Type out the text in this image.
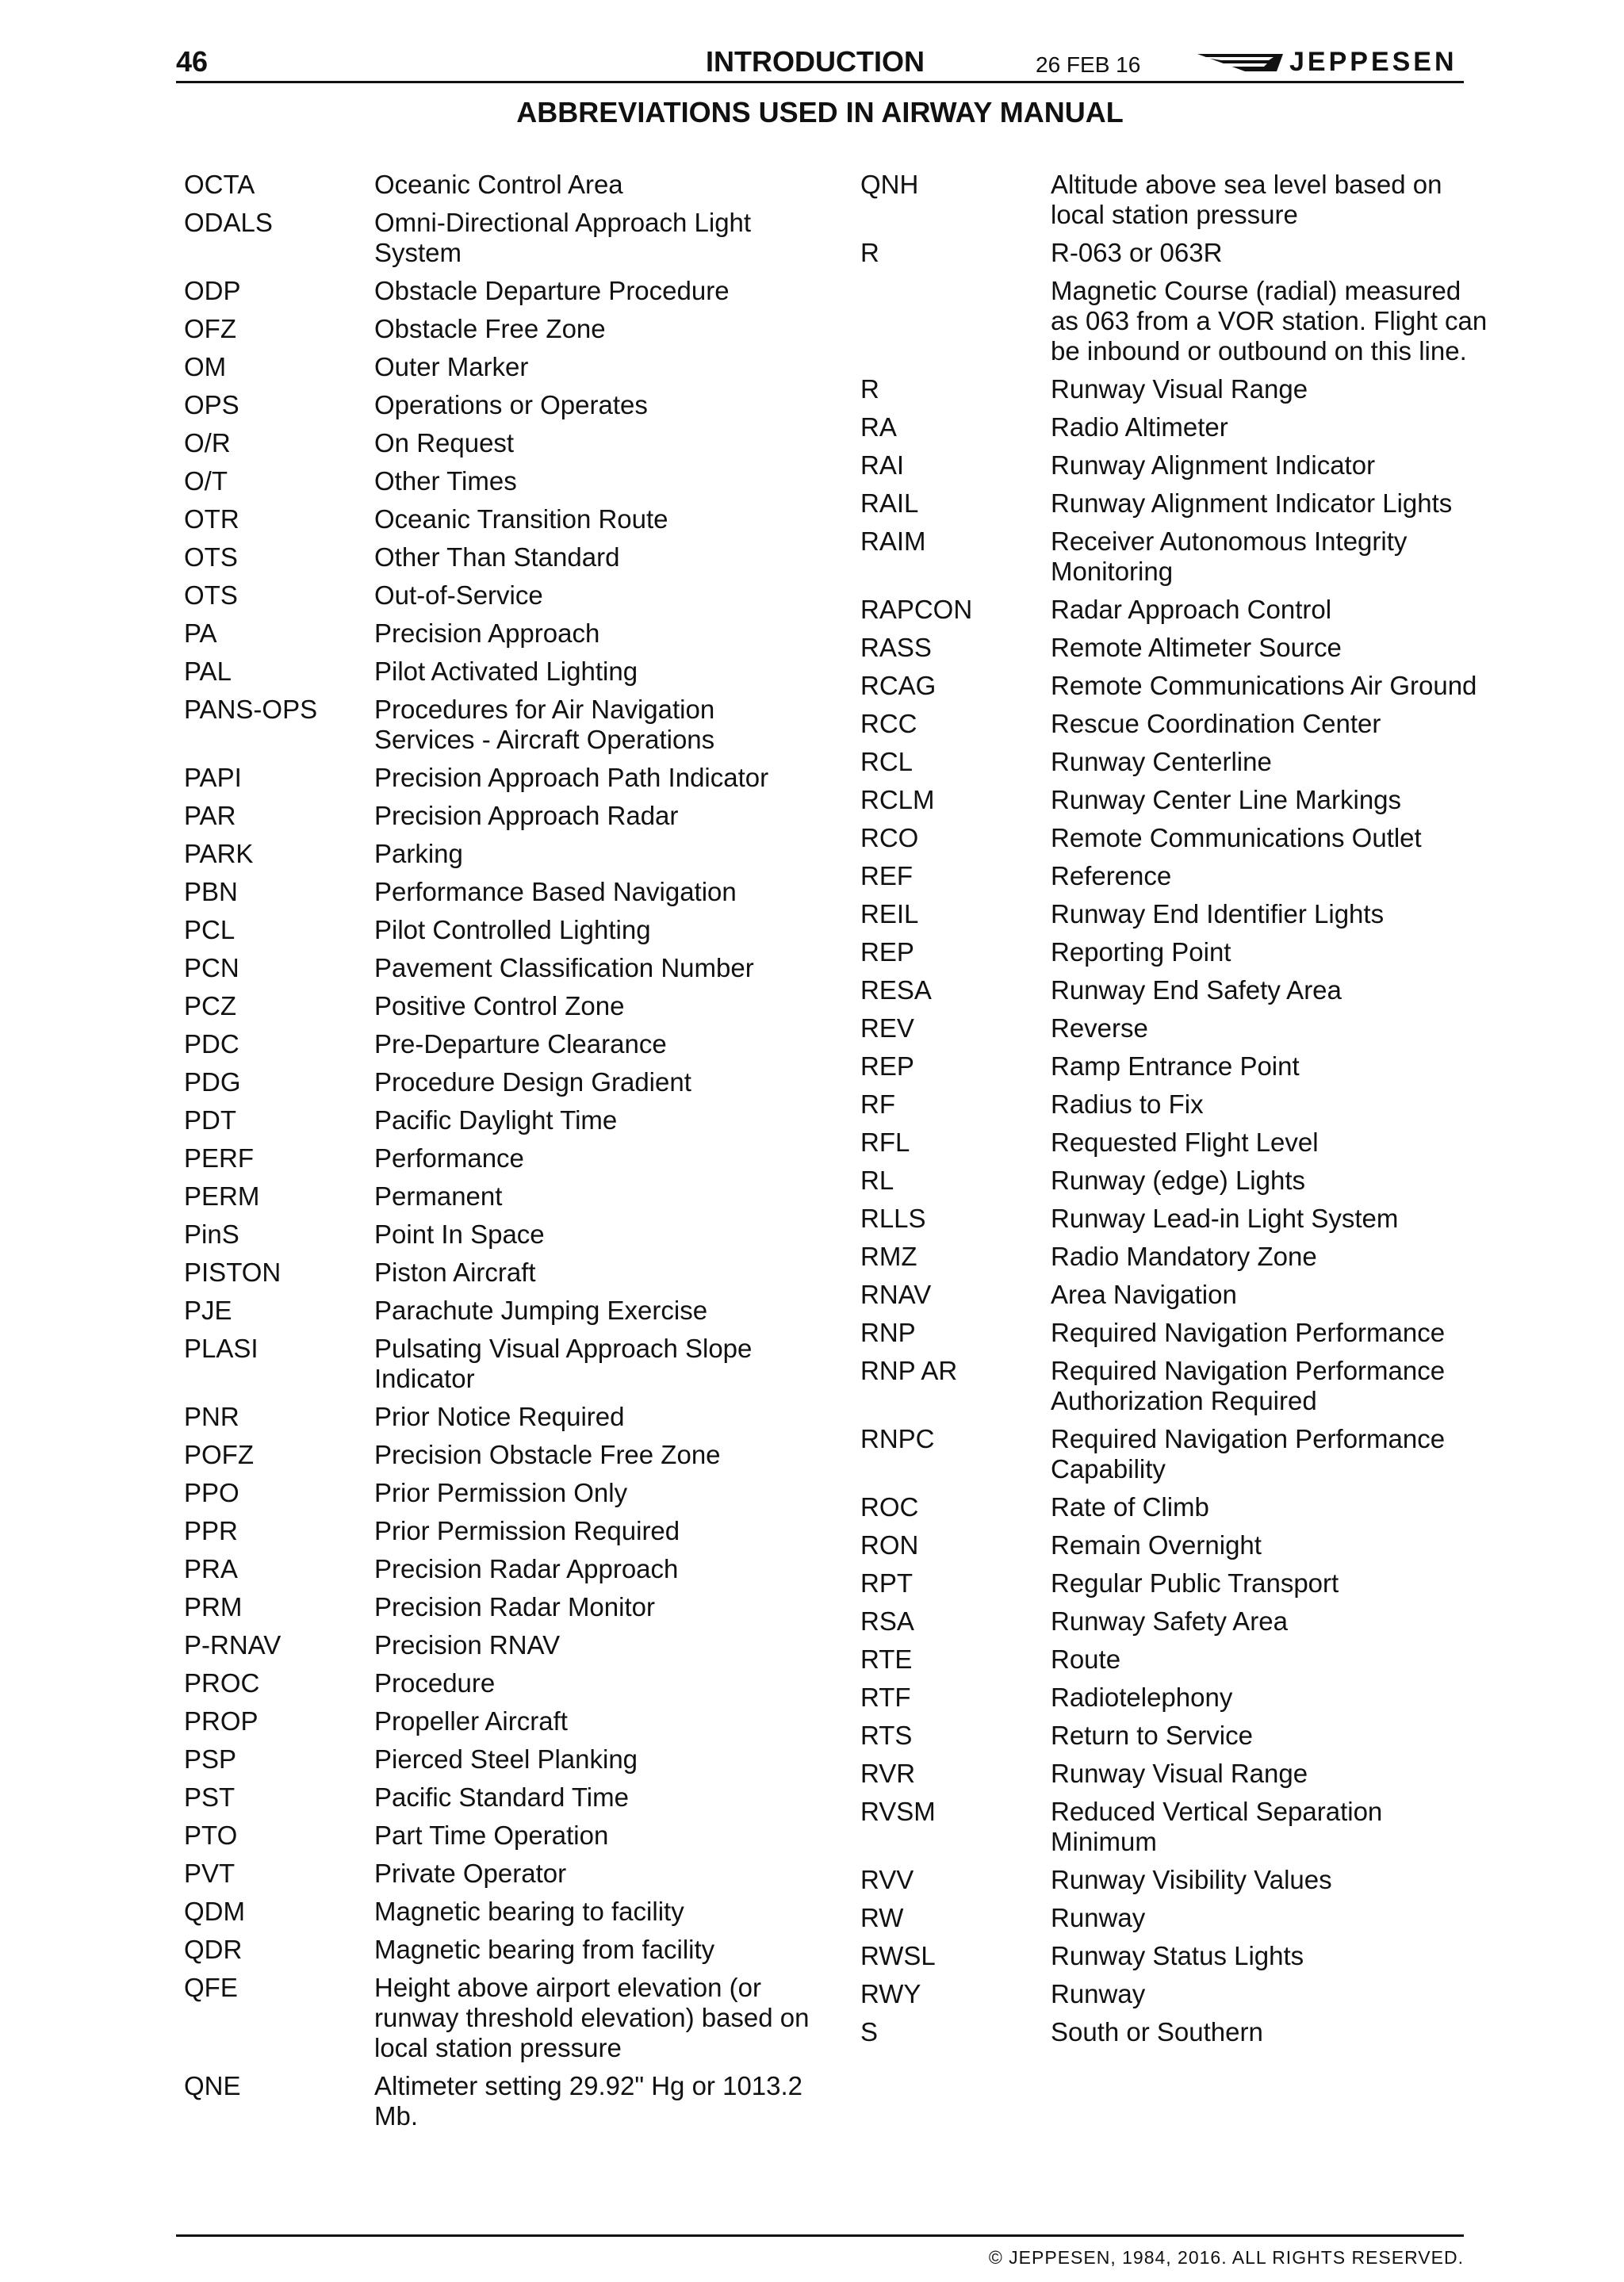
46	INTRODUCTION	26 FEB 16	JEPPESEN
ABBREVIATIONS USED IN AIRWAY MANUAL
OCTA	Oceanic Control Area
ODALS	Omni-Directional Approach Light System
ODP	Obstacle Departure Procedure
OFZ	Obstacle Free Zone
OM	Outer Marker
OPS	Operations or Operates
O/R	On Request
O/T	Other Times
OTR	Oceanic Transition Route
OTS	Other Than Standard
OTS	Out-of-Service
PA	Precision Approach
PAL	Pilot Activated Lighting
PANS-OPS	Procedures for Air Navigation Services - Aircraft Operations
PAPI	Precision Approach Path Indicator
PAR	Precision Approach Radar
PARK	Parking
PBN	Performance Based Navigation
PCL	Pilot Controlled Lighting
PCN	Pavement Classification Number
PCZ	Positive Control Zone
PDC	Pre-Departure Clearance
PDG	Procedure Design Gradient
PDT	Pacific Daylight Time
PERF	Performance
PERM	Permanent
PinS	Point In Space
PISTON	Piston Aircraft
PJE	Parachute Jumping Exercise
PLASI	Pulsating Visual Approach Slope Indicator
PNR	Prior Notice Required
POFZ	Precision Obstacle Free Zone
PPO	Prior Permission Only
PPR	Prior Permission Required
PRA	Precision Radar Approach
PRM	Precision Radar Monitor
P-RNAV	Precision RNAV
PROC	Procedure
PROP	Propeller Aircraft
PSP	Pierced Steel Planking
PST	Pacific Standard Time
PTO	Part Time Operation
PVT	Private Operator
QDM	Magnetic bearing to facility
QDR	Magnetic bearing from facility
QFE	Height above airport elevation (or runway threshold elevation) based on local station pressure
QNE	Altimeter setting 29.92" Hg or 1013.2 Mb.
QNH	Altitude above sea level based on local station pressure
R	R-063 or 063R
Magnetic Course (radial) measured as 063 from a VOR station. Flight can be inbound or outbound on this line.
R	Runway Visual Range
RA	Radio Altimeter
RAI	Runway Alignment Indicator
RAIL	Runway Alignment Indicator Lights
RAIM	Receiver Autonomous Integrity Monitoring
RAPCON	Radar Approach Control
RASS	Remote Altimeter Source
RCAG	Remote Communications Air Ground
RCC	Rescue Coordination Center
RCL	Runway Centerline
RCLM	Runway Center Line Markings
RCO	Remote Communications Outlet
REF	Reference
REIL	Runway End Identifier Lights
REP	Reporting Point
RESA	Runway End Safety Area
REV	Reverse
REP	Ramp Entrance Point
RF	Radius to Fix
RFL	Requested Flight Level
RL	Runway (edge) Lights
RLLS	Runway Lead-in Light System
RMZ	Radio Mandatory Zone
RNAV	Area Navigation
RNP	Required Navigation Performance
RNP AR	Required Navigation Performance Authorization Required
RNPC	Required Navigation Performance Capability
ROC	Rate of Climb
RON	Remain Overnight
RPT	Regular Public Transport
RSA	Runway Safety Area
RTE	Route
RTF	Radiotelephony
RTS	Return to Service
RVR	Runway Visual Range
RVSM	Reduced Vertical Separation Minimum
RVV	Runway Visibility Values
RW	Runway
RWSL	Runway Status Lights
RWY	Runway
S	South or Southern
© JEPPESEN, 1984, 2016. ALL RIGHTS RESERVED.
